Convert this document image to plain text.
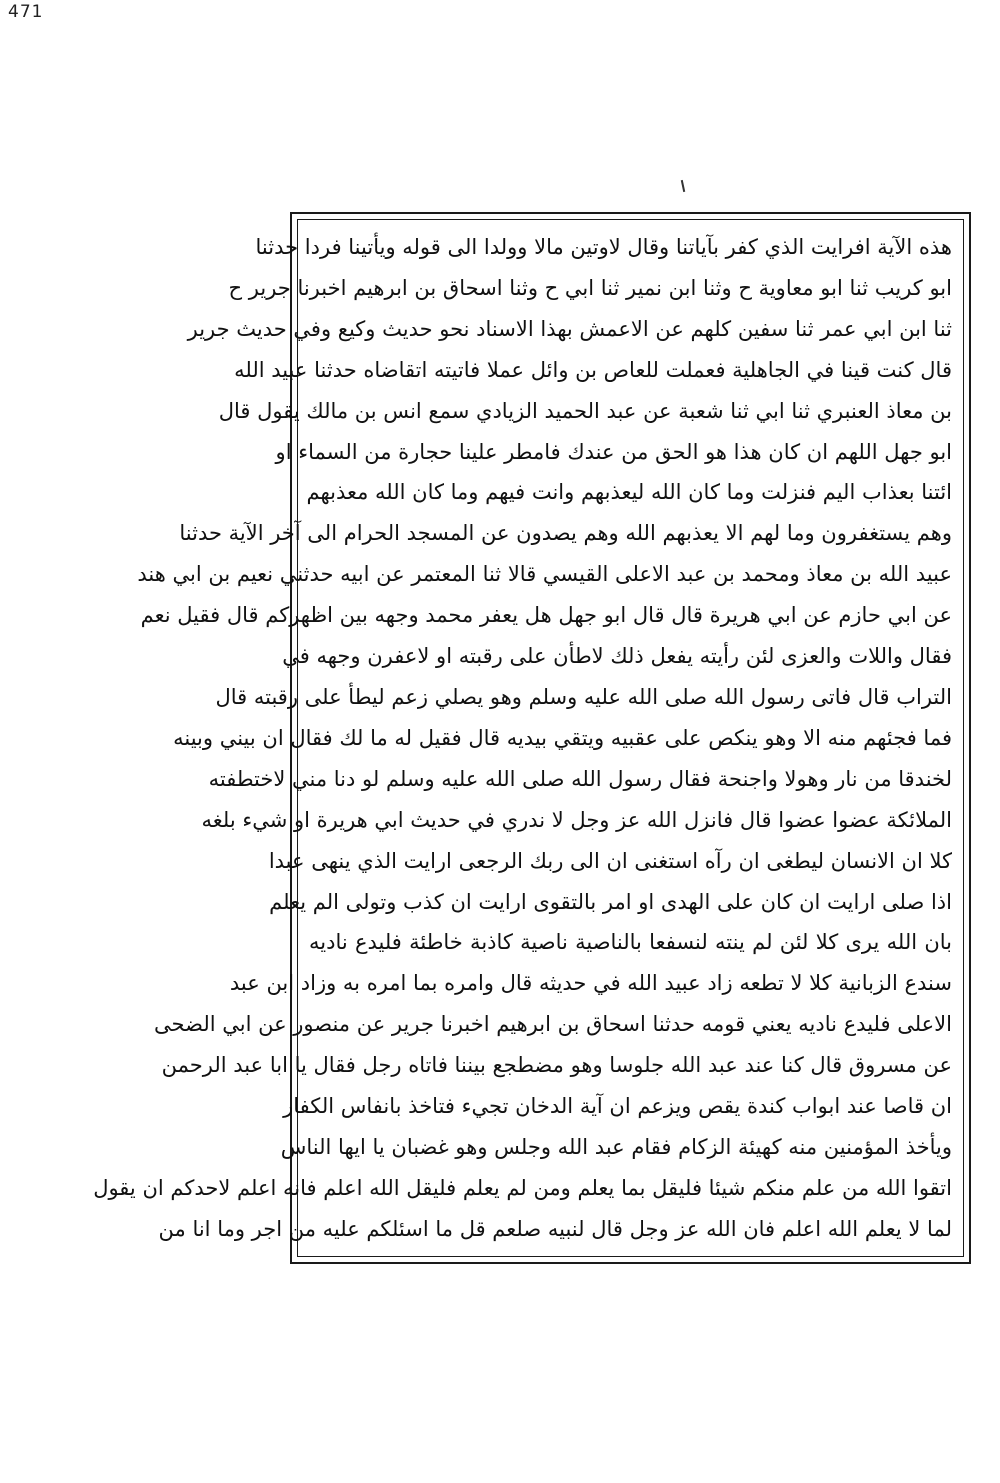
471
هذه الآية افرايت الذي كفر بآياتنا وقال لاوتين مالا وولدا الى قوله ويأتينا فردا حدثنا
ابو كريب ثنا ابو معاوية ح وثنا ابن نمير ثنا ابي ح وثنا اسحاق بن ابرهيم اخبرنا جرير ح
ثنا ابن ابي عمر ثنا سفين كلهم عن الاعمش بهذا الاسناد نحو حديث وكيع وفي حديث جرير
قال كنت قينا في الجاهلية فعملت للعاص بن وائل عملا فاتيته اتقاضاه حدثنا عبيد الله
بن معاذ العنبري ثنا ابي ثنا شعبة عن عبد الحميد الزيادي سمع انس بن مالك يقول قال
ابو جهل اللهم ان كان هذا هو الحق من عندك فامطر علينا حجارة من السماء او
ائتنا بعذاب اليم فنزلت وما كان الله ليعذبهم وانت فيهم وما كان الله معذبهم
وهم يستغفرون وما لهم الا يعذبهم الله وهم يصدون عن المسجد الحرام الى آخر الآية حدثنا
عبيد الله بن معاذ ومحمد بن عبد الاعلى القيسي قالا ثنا المعتمر عن ابيه حدثني نعيم بن ابي هند
عن ابي حازم عن ابي هريرة قال قال ابو جهل هل يعفر محمد وجهه بين اظهركم قال فقيل نعم
فقال واللات والعزى لئن رأيته يفعل ذلك لاطأن على رقبته او لاعفرن وجهه في
التراب قال فاتى رسول الله صلى الله عليه وسلم وهو يصلي زعم ليطأ على رقبته قال
فما فجئهم منه الا وهو ينكص على عقبيه ويتقي بيديه قال فقيل له ما لك فقال ان بيني وبينه
لخندقا من نار وهولا واجنحة فقال رسول الله صلى الله عليه وسلم لو دنا مني لاختطفته
الملائكة عضوا عضوا قال فانزل الله عز وجل لا ندري في حديث ابي هريرة او شيء بلغه
كلا ان الانسان ليطغى ان رآه استغنى ان الى ربك الرجعى ارايت الذي ينهى عبدا
اذا صلى ارايت ان كان على الهدى او امر بالتقوى ارايت ان كذب وتولى الم يعلم
بان الله يرى كلا لئن لم ينته لنسفعا بالناصية ناصية كاذبة خاطئة فليدع ناديه
سندع الزبانية كلا لا تطعه زاد عبيد الله في حديثه قال وامره بما امره به وزاد ابن عبد
الاعلى فليدع ناديه يعني قومه حدثنا اسحاق بن ابرهيم اخبرنا جرير عن منصور عن ابي الضحى
عن مسروق قال كنا عند عبد الله جلوسا وهو مضطجع بيننا فاتاه رجل فقال يا ابا عبد الرحمن
ان قاصا عند ابواب كندة يقص ويزعم ان آية الدخان تجيء فتاخذ بانفاس الكفار
ويأخذ المؤمنين منه كهيئة الزكام فقام عبد الله وجلس وهو غضبان يا ايها الناس
اتقوا الله من علم منكم شيئا فليقل بما يعلم ومن لم يعلم فليقل الله اعلم فانه اعلم لاحدكم ان يقول
لما لا يعلم الله اعلم فان الله عز وجل قال لنبيه صلعم قل ما اسئلكم عليه من اجر وما انا من
